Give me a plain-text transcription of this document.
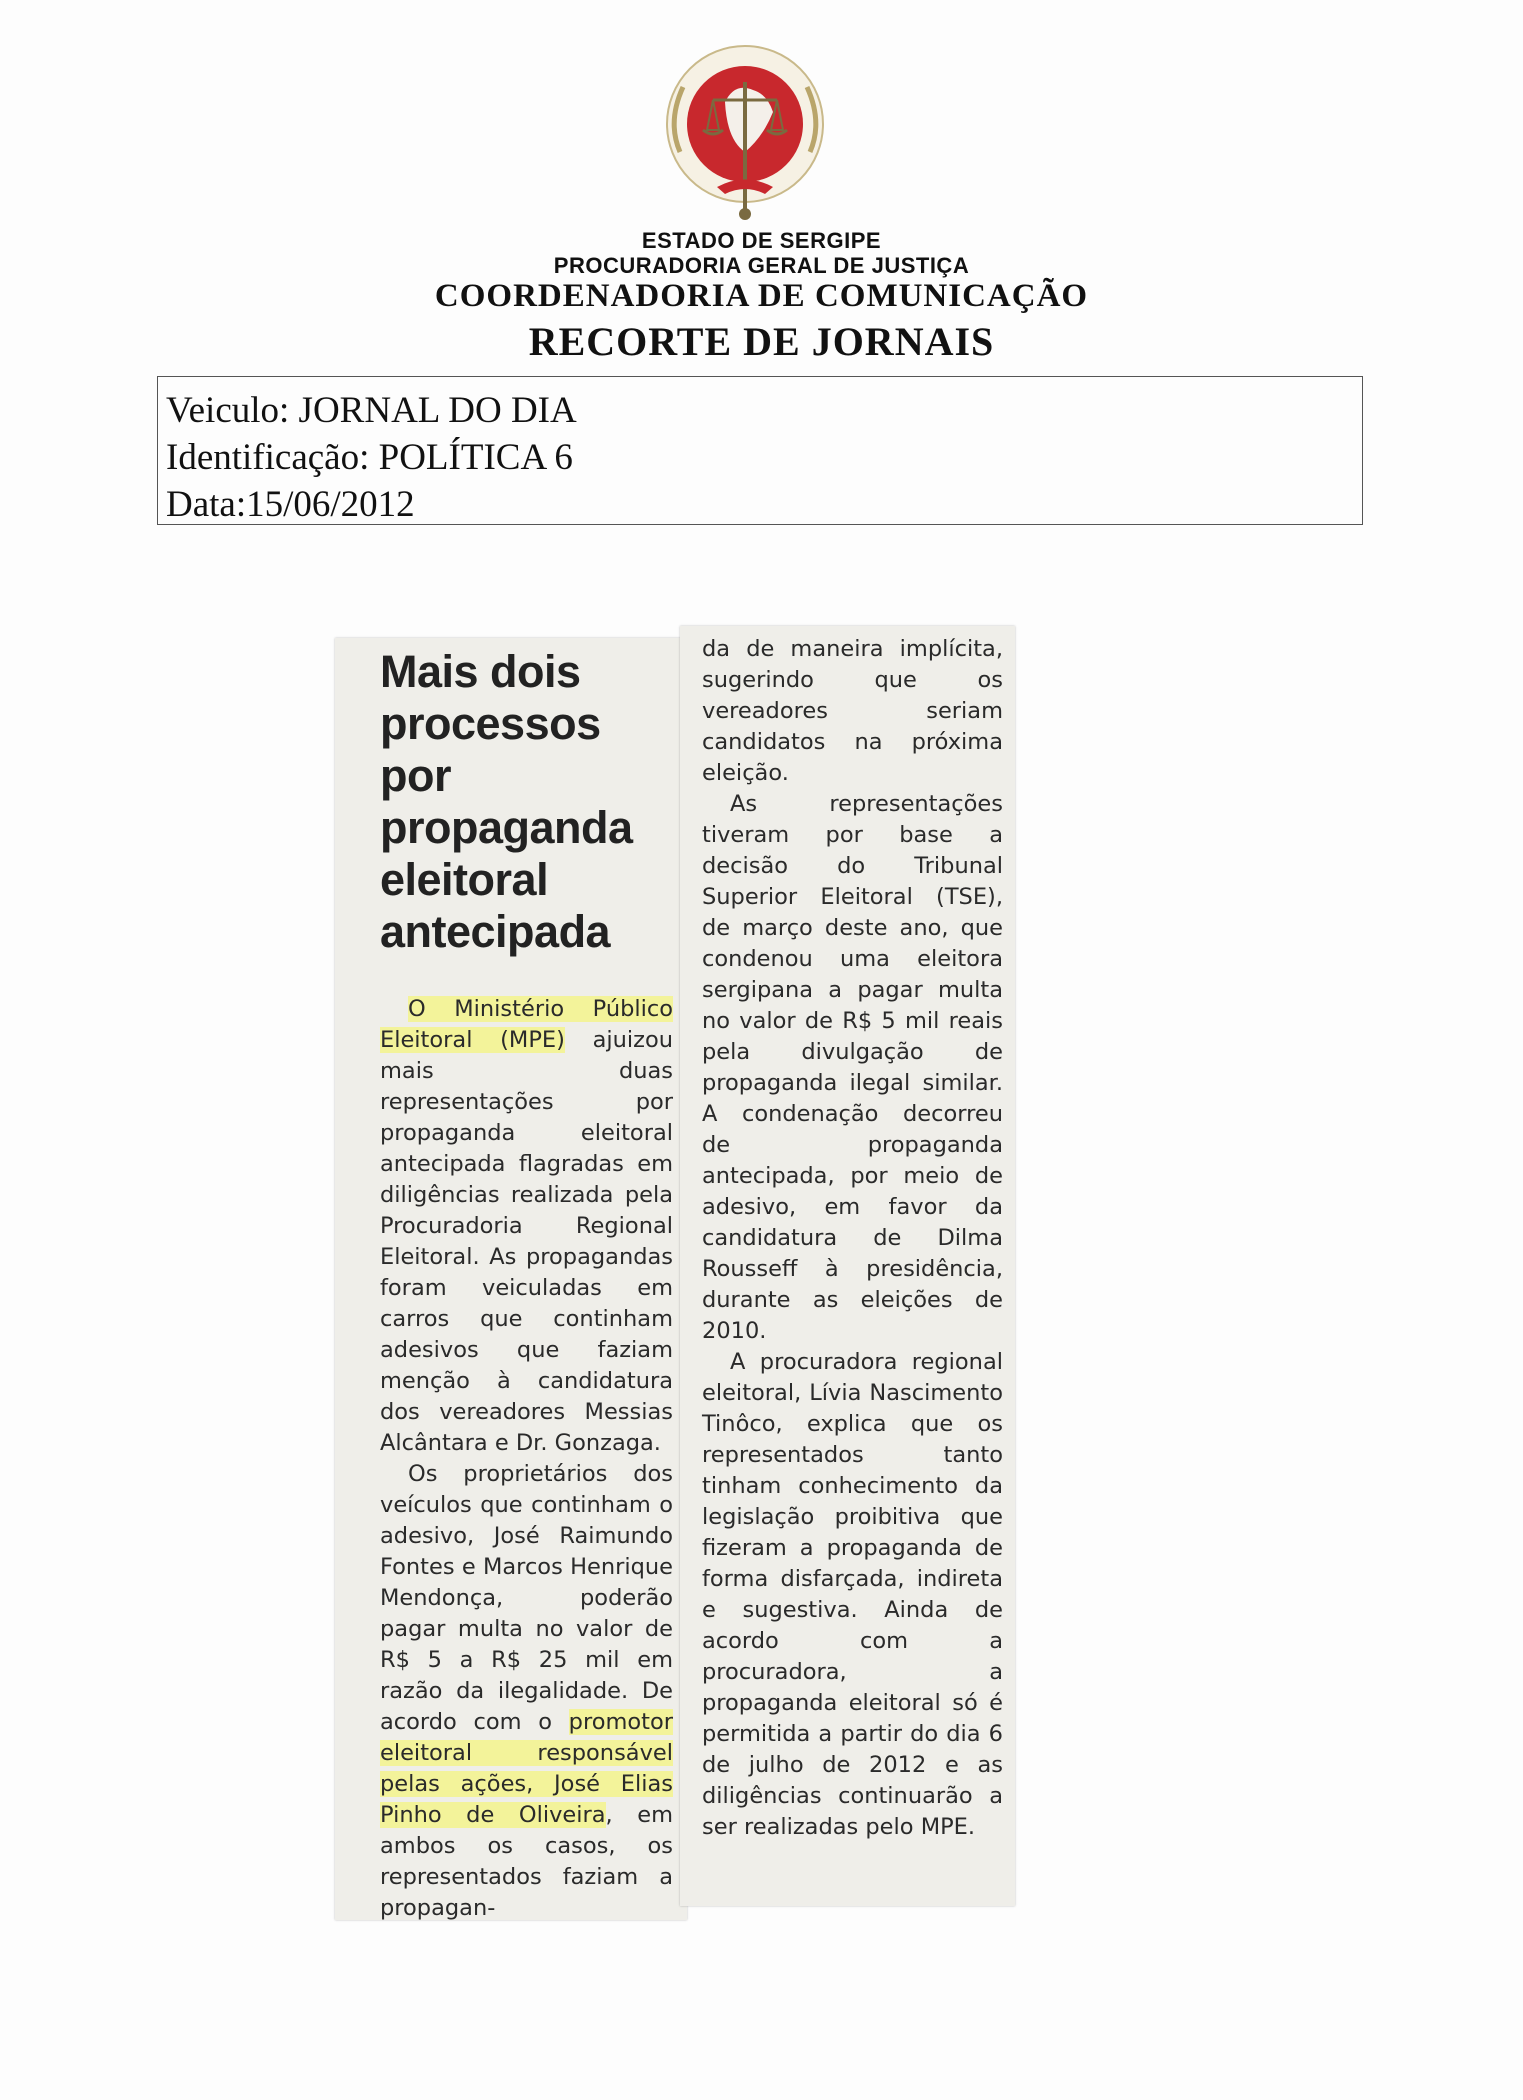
ESTADO DE SERGIPE
PROCURADORIA GERAL DE JUSTIÇA
COORDENADORIA DE COMUNICAÇÃO
RECORTE DE JORNAIS
Veiculo: JORNAL DO DIA
Identificação: POLÍTICA 6
Data:15/06/2012
Mais dois processos por propaganda eleitoral antecipada

O Ministério Público Eleitoral (MPE) ajuizou mais duas representações por propaganda eleitoral antecipada flagradas em diligências realizada pela Procuradoria Regional Eleitoral. As propagandas foram veiculadas em carros que continham adesivos que faziam menção à candidatura dos vereadores Messias Alcântara e Dr. Gonzaga.

Os proprietários dos veículos que continham o adesivo, José Raimundo Fontes e Marcos Henrique Mendonça, poderão pagar multa no valor de R$ 5 a R$ 25 mil em razão da ilegalidade. De acordo com o promotor eleitoral responsável pelas ações, José Elias Pinho de Oliveira, em ambos os casos, os representados faziam a propagan-

da de maneira implícita, sugerindo que os vereadores seriam candidatos na próxima eleição.

As representações tiveram por base a decisão do Tribunal Superior Eleitoral (TSE), de março deste ano, que condenou uma eleitora sergipana a pagar multa no valor de R$ 5 mil reais pela divulgação de propaganda ilegal similar. A condenação decorreu de propaganda antecipada, por meio de adesivo, em favor da candidatura de Dilma Rousseff à presidência, durante as eleições de 2010.

A procuradora regional eleitoral, Lívia Nascimento Tinôco, explica que os representados tanto tinham conhecimento da legislação proibitiva que fizeram a propaganda de forma disfarçada, indireta e sugestiva. Ainda de acordo com a procuradora, a propaganda eleitoral só é permitida a partir do dia 6 de julho de 2012 e as diligências continuarão a ser realizadas pelo MPE.
